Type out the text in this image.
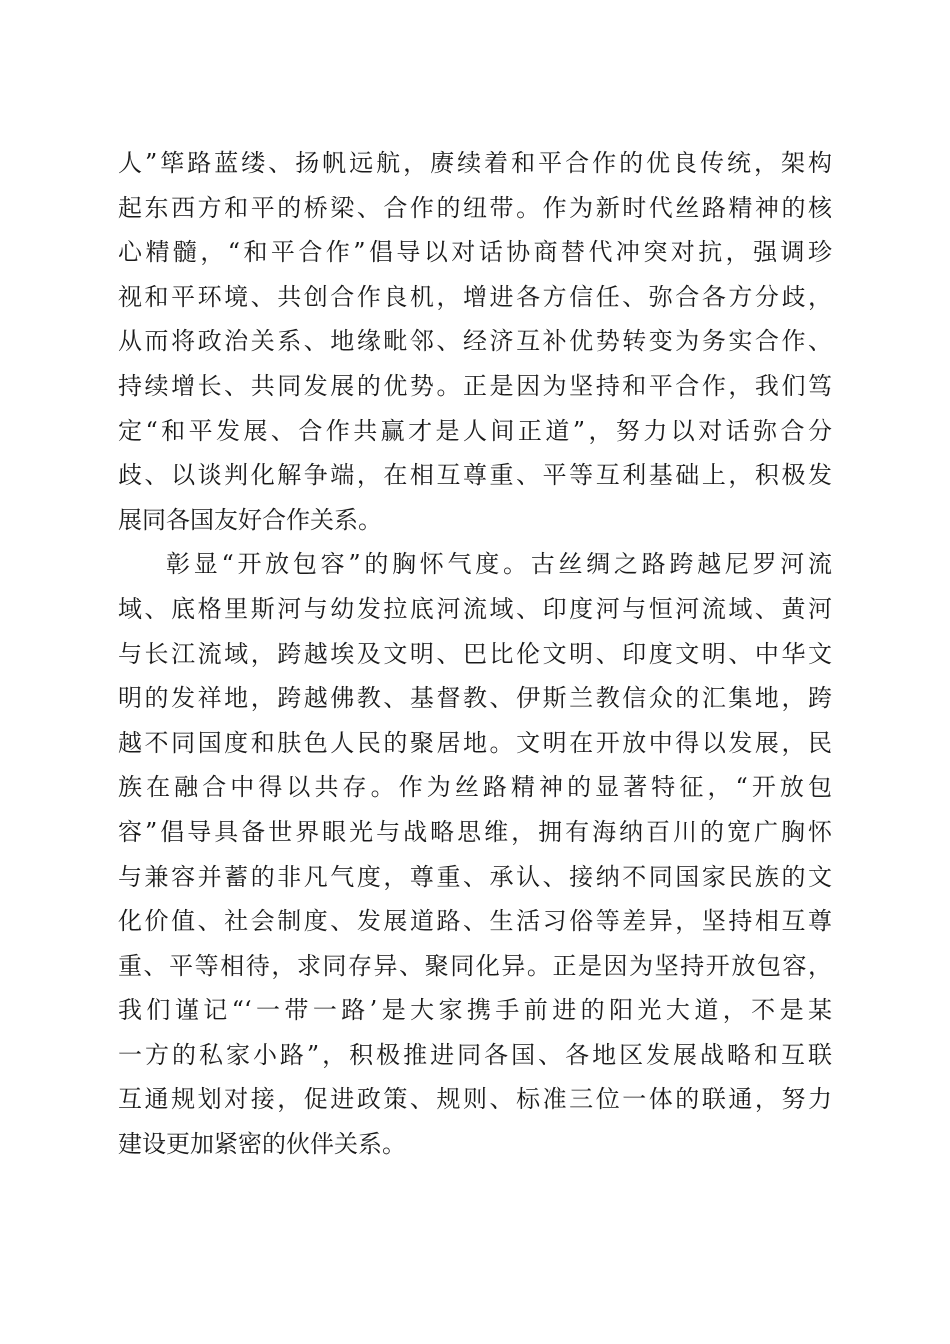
人”筚路蓝缕、扬帆远航，赓续着和平合作的优良传统，架构
起东西方和平的桥梁、合作的纽带。作为新时代丝路精神的核
心精髓，“和平合作”倡导以对话协商替代冲突对抗，强调珍
视和平环境、共创合作良机，增进各方信任、弥合各方分歧，
从而将政治关系、地缘毗邻、经济互补优势转变为务实合作、
持续增长、共同发展的优势。正是因为坚持和平合作，我们笃
定“和平发展、合作共赢才是人间正道”，努力以对话弥合分
歧、以谈判化解争端，在相互尊重、平等互利基础上，积极发
展同各国友好合作关系。
彰显“开放包容”的胸怀气度。古丝绸之路跨越尼罗河流
域、底格里斯河与幼发拉底河流域、印度河与恒河流域、黄河
与长江流域，跨越埃及文明、巴比伦文明、印度文明、中华文
明的发祥地，跨越佛教、基督教、伊斯兰教信众的汇集地，跨
越不同国度和肤色人民的聚居地。文明在开放中得以发展，民
族在融合中得以共存。作为丝路精神的显著特征，“开放包
容”倡导具备世界眼光与战略思维，拥有海纳百川的宽广胸怀
与兼容并蓄的非凡气度，尊重、承认、接纳不同国家民族的文
化价值、社会制度、发展道路、生活习俗等差异，坚持相互尊
重、平等相待，求同存异、聚同化异。正是因为坚持开放包容，
我们谨记“‘一带一路’是大家携手前进的阳光大道，不是某
一方的私家小路”，积极推进同各国、各地区发展战略和互联
互通规划对接，促进政策、规则、标准三位一体的联通，努力
建设更加紧密的伙伴关系。
